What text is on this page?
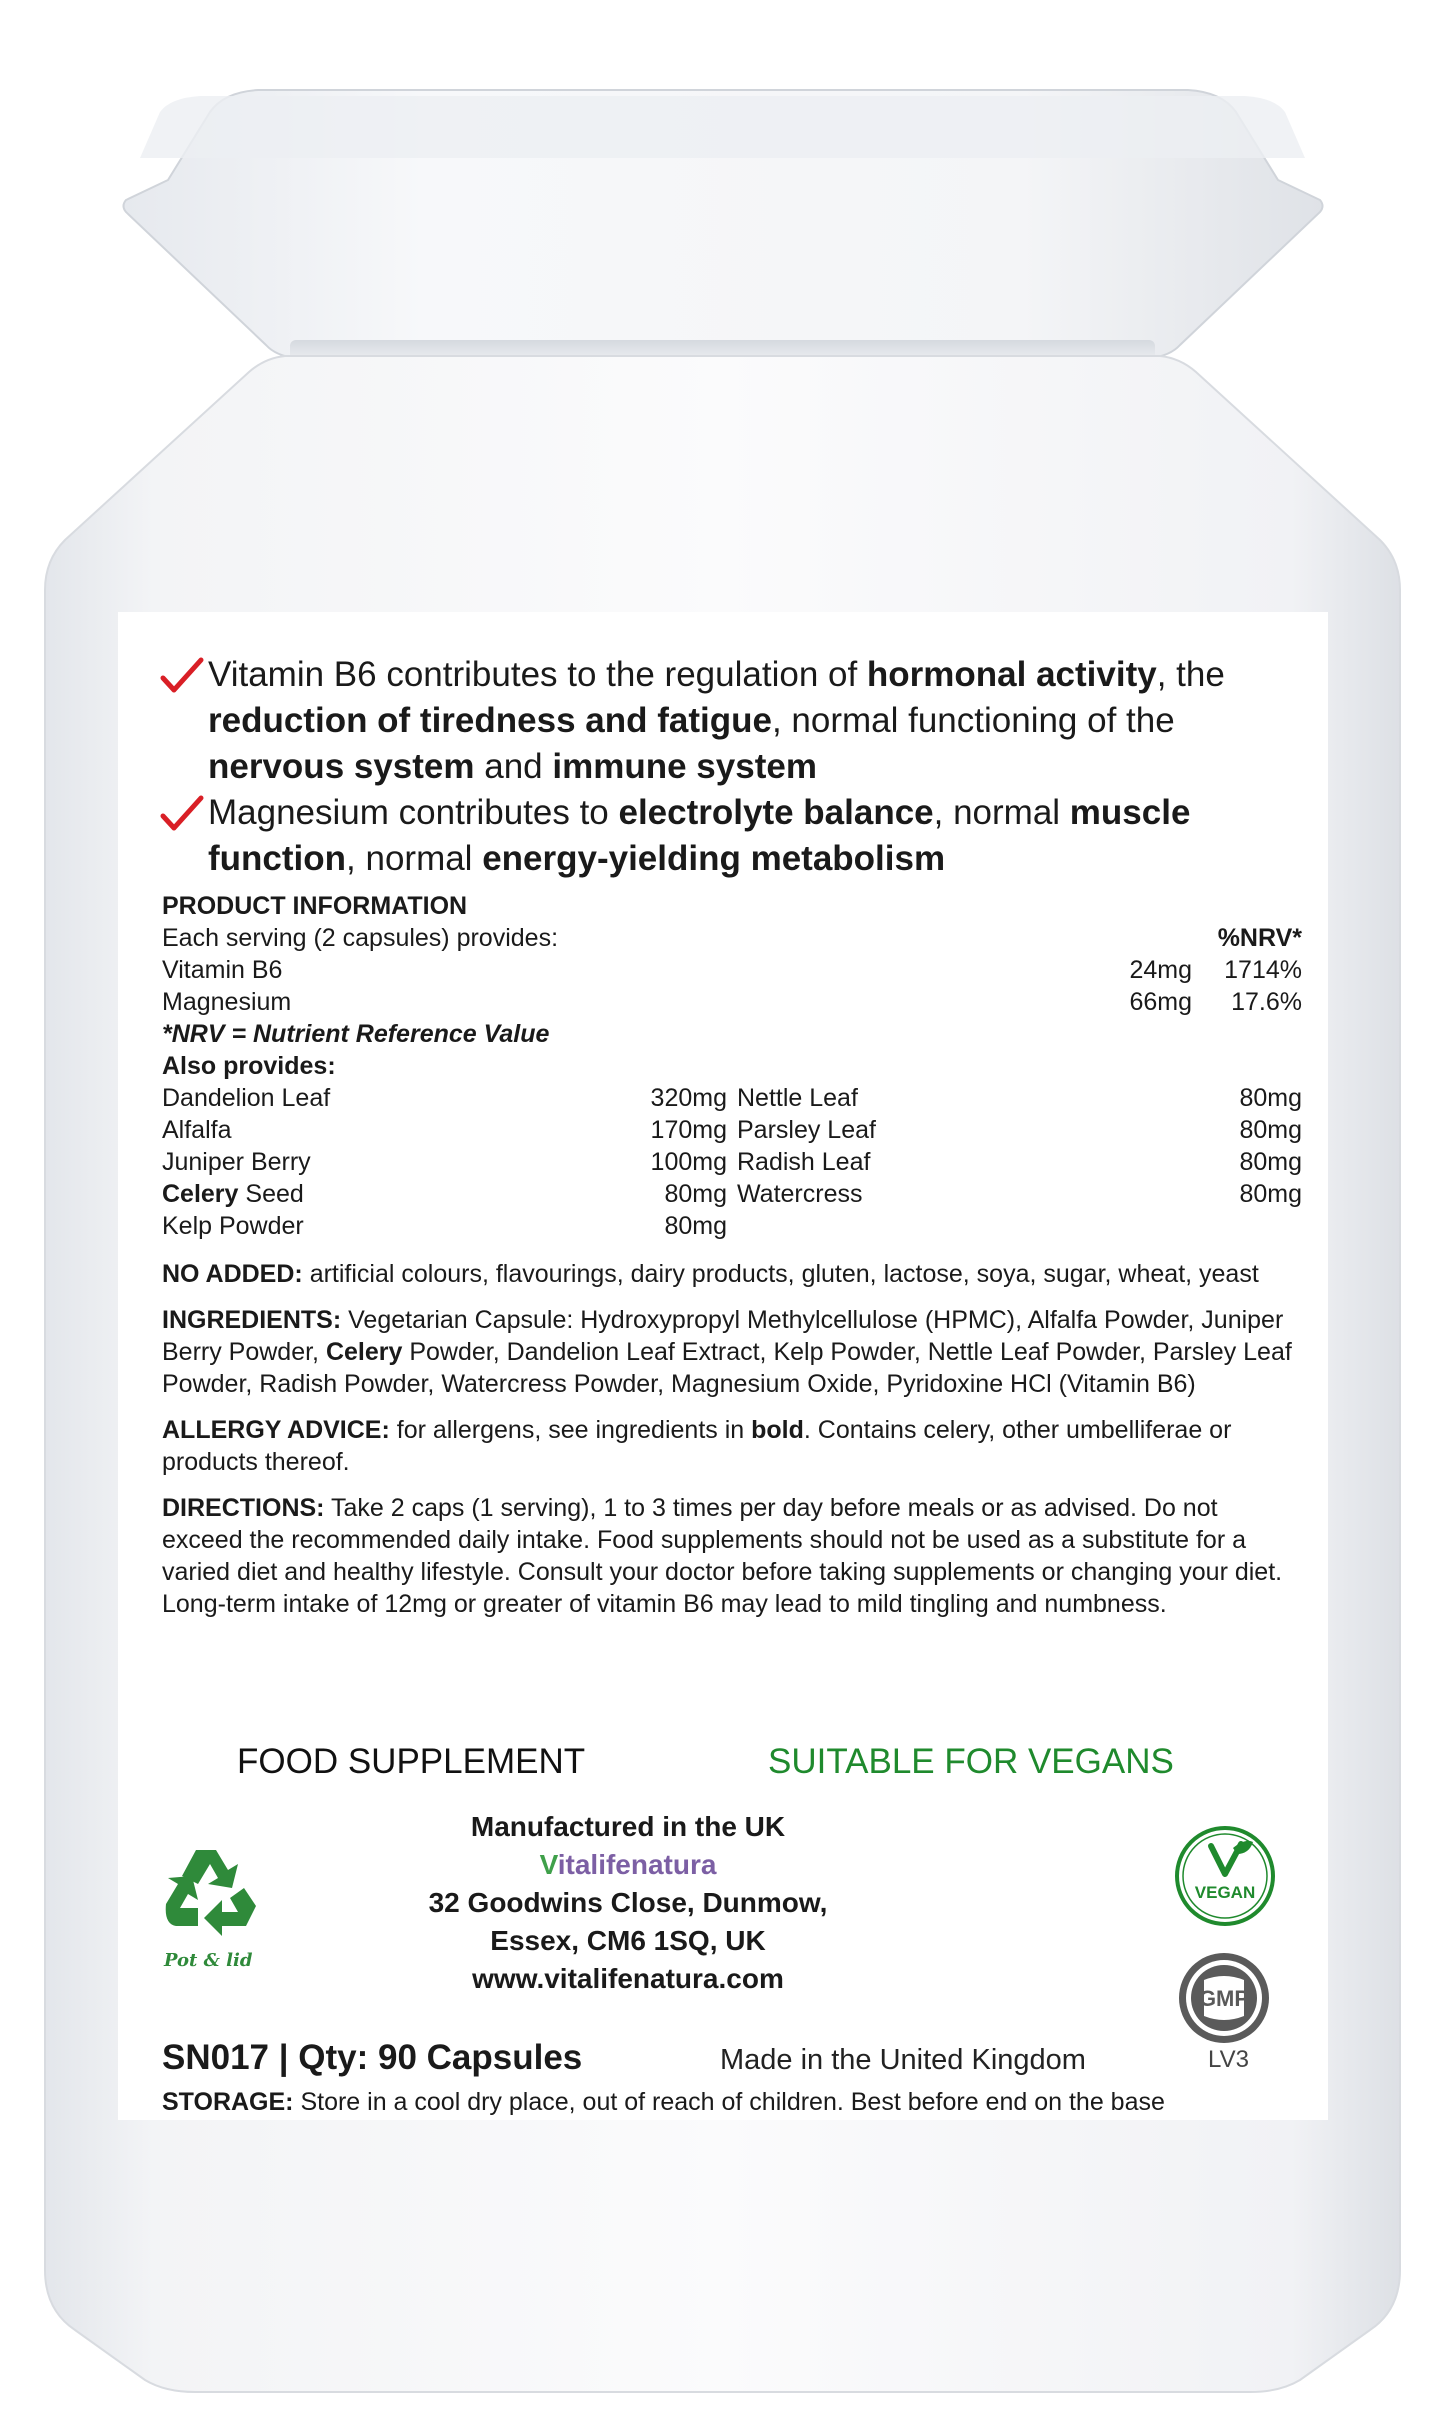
Vitamin B6 contributes to the regulation of hormonal activity, the reduction of tiredness and fatigue, normal functioning of the nervous system and immune system
Magnesium contributes to electrolyte balance, normal muscle function, normal energy-yielding metabolism
PRODUCT INFORMATION
Each serving (2 capsules) provides:	%NRV*
Vitamin B6	24mg	1714%
Magnesium	66mg	17.6%
*NRV = Nutrient Reference Value
Also provides:
Dandelion Leaf	320mg Nettle Leaf	80mg
Alfalfa	170mg Parsley Leaf	80mg
Juniper Berry	100mg Radish Leaf	80mg
Celery Seed	80mg Watercress	80mg
Kelp Powder	80mg
NO ADDED: artificial colours, flavourings, dairy products, gluten, lactose, soya, sugar, wheat, yeast
INGREDIENTS: Vegetarian Capsule: Hydroxypropyl Methylcellulose (HPMC), Alfalfa Powder, Juniper Berry Powder, Celery Powder, Dandelion Leaf Extract, Kelp Powder, Nettle Leaf Powder, Parsley Leaf Powder, Radish Powder, Watercress Powder, Magnesium Oxide, Pyridoxine HCl (Vitamin B6)
ALLERGY ADVICE: for allergens, see ingredients in bold. Contains celery, other umbelliferae or products thereof.
DIRECTIONS: Take 2 caps (1 serving), 1 to 3 times per day before meals or as advised. Do not exceed the recommended daily intake. Food supplements should not be used as a substitute for a varied diet and healthy lifestyle. Consult your doctor before taking supplements or changing your diet.
Long-term intake of 12mg or greater of vitamin B6 may lead to mild tingling and numbness.
FOOD SUPPLEMENT	SUITABLE FOR VEGANS
Manufactured in the UK
Vitalifenatura
32 Goodwins Close, Dunmow,
Essex, CM6 1SQ, UK
www.vitalifenatura.com
Pot & lid
VEGAN
GMP
SN017 | Qty: 90 Capsules	Made in the United Kingdom	LV3
STORAGE: Store in a cool dry place, out of reach of children. Best before end on the base
